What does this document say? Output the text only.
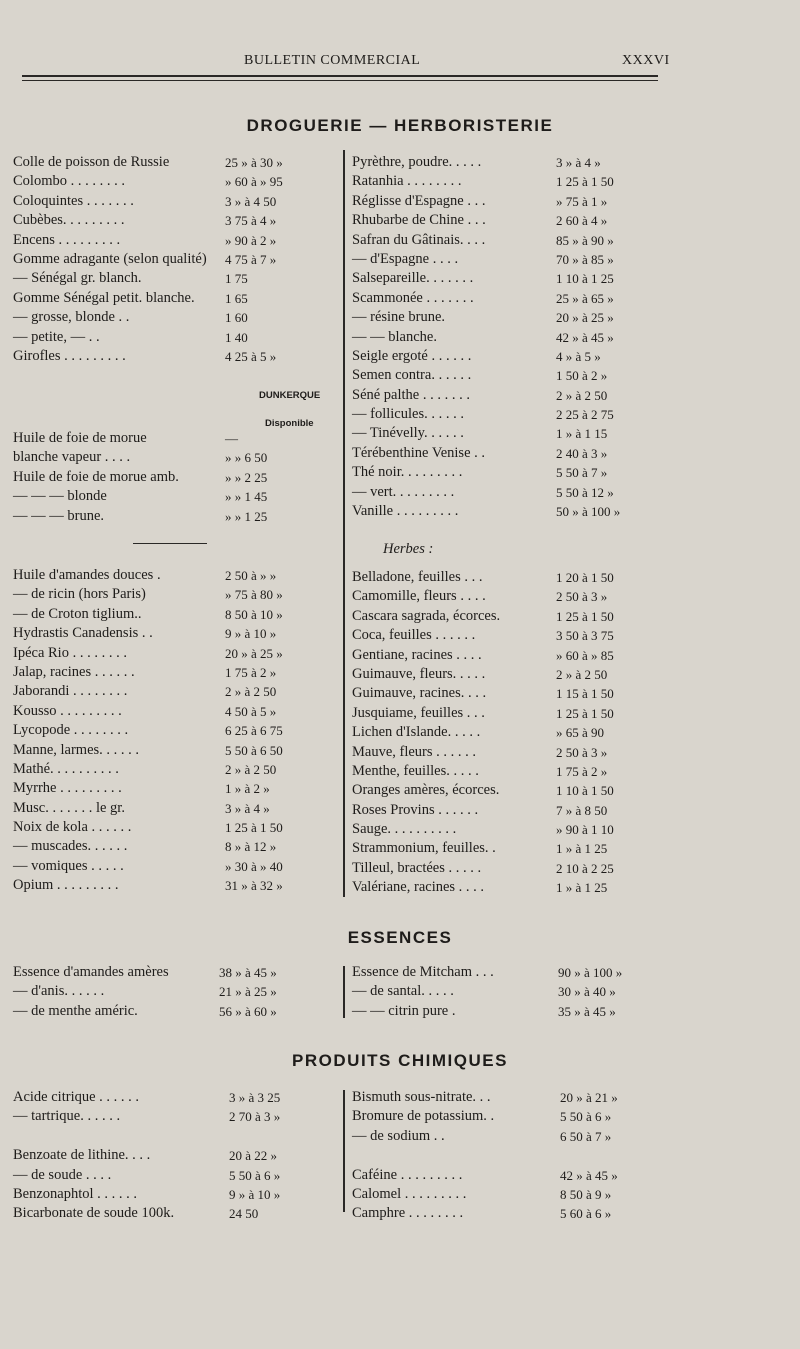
BULLETIN COMMERCIAL	XXXVI
DROGUERIE — HERBORISTERIE
Colle de poisson de Russie	25 » à 30 »
Colombo . . . . . . . .	» 60 à » 95
Coloquintes . . . . . . .	3 » à 4 50
Cubèbes. . . . . . . . .	3 75 à 4 »
Encens . . . . . . . . .	» 90 à 2 »
Gomme adragante (selon qualité) 4 75 à 7 »
— Sénégal gr. blanch.	1 75
Gomme Sénégal petit. blanche. 1 65
— grosse, blonde . .	1 60
— petite, — . .	1 40
Girofles . . . . . . . . .	4 25 à 5 »
DUNKERQUE
Disponible
Huile de foie de morue	—
blanche vapeur . . . .	» » 6 50
Huile de foie de morue amb.	» » 2 25
— — — blonde	» » 1 45
— — — brune.	» » 1 25
Huile d'amandes douces .	2 50 à » »
— de ricin (hors Paris)	» 75 à 80 »
— de Croton tiglium..	8 50 à 10 »
Hydrastis Canadensis . .	9 » à 10 »
Ipéca Rio . . . . . . . .	20 » à 25 »
Jalap, racines . . . . . .	1 75 à 2 »
Jaborandi . . . . . . . .	2 » à 2 50
Kousso . . . . . . . . .	4 50 à 5 »
Lycopode . . . . . . . .	6 25 à 6 75
Manne, larmes. . . . . .	5 50 à 6 50
Mathé. . . . . . . . . .	2 » à 2 50
Myrrhe . . . . . . . . .	1 » à 2 »
Musc. . . . . . . le gr.	3 » à 4 »
Noix de kola . . . . . .	1 25 à 1 50
— muscades. . . . . .	8 » à 12 »
— vomiques . . . . .	» 30 à » 40
Opium . . . . . . . . .	31 » à 32 »
Pyrèthre, poudre. . . . .	3 » à 4 »
Ratanhia . . . . . . . .	1 25 à 1 50
Réglisse d'Espagne . . .	» 75 à 1 »
Rhubarbe de Chine . . .	2 60 à 4 »
Safran du Gâtinais. . . .	85 » à 90 »
— d'Espagne . . . .	70 » à 85 »
Salsepareille. . . . . . .	1 10 à 1 25
Scammonée . . . . . . .	25 » à 65 »
— résine brune.	20 » à 25 »
— — blanche.	42 » à 45 »
Seigle ergoté . . . . . .	4 » à 5 »
Semen contra. . . . . .	1 50 à 2 »
Séné palthe . . . . . . .	2 » à 2 50
— follicules. . . . . .	2 25 à 2 75
— Tinévelly. . . . . .	1 » à 1 15
Térébenthine Venise . .	2 40 à 3 »
Thé noir. . . . . . . . .	5 50 à 7 »
— vert. . . . . . . . .	5 50 à 12 »
Vanille . . . . . . . . .	50 » à 100 »
Herbes :
Belladone, feuilles . . .	1 20 à 1 50
Camomille, fleurs . . . .	2 50 à 3 »
Cascara sagrada, écorces.	1 25 à 1 50
Coca, feuilles . . . . . .	3 50 à 3 75
Gentiane, racines . . . .	» 60 à » 85
Guimauve, fleurs. . . . .	2 » à 2 50
Guimauve, racines. . . .	1 15 à 1 50
Jusquiame, feuilles . . .	1 25 à 1 50
Lichen d'Islande. . . . .	» 65 à 90
Mauve, fleurs . . . . . .	2 50 à 3 »
Menthe, feuilles. . . . .	1 75 à 2 »
Oranges amères, écorces.	1 10 à 1 50
Roses Provins . . . . . .	7 » à 8 50
Sauge. . . . . . . . . .	» 90 à 1 10
Strammonium, feuilles. .	1 » à 1 25
Tilleul, bractées . . . . .	2 10 à 2 25
Valériane, racines . . . .	1 » à 1 25
ESSENCES
Essence d'amandes amères	38 » à 45 »
— d'anis. . . . . .	21 » à 25 »
— de menthe améric.	56 » à 60 »
Essence de Mitcham . . .	90 » à 100 »
— de santal. . . . .	30 » à 40 »
— — citrin pure .	35 » à 45 »
PRODUITS CHIMIQUES
Acide citrique . . . . . .	3 » à 3 25
— tartrique. . . . . .	2 70 à 3 »
Benzoate de lithine. . . .	20 à 22 »
— de soude . . . .	5 50 à 6 »
Benzonaphtol . . . . . .	9 » à 10 »
Bicarbonate de soude 100k.	24 50
Bismuth sous-nitrate. . .	20 » à 21 »
Bromure de potassium. .	5 50 à 6 »
— de sodium . .	6 50 à 7 »
Caféine . . . . . . . . .	42 » à 45 »
Calomel . . . . . . . . .	8 50 à 9 »
Camphre . . . . . . . .	5 60 à 6 »
